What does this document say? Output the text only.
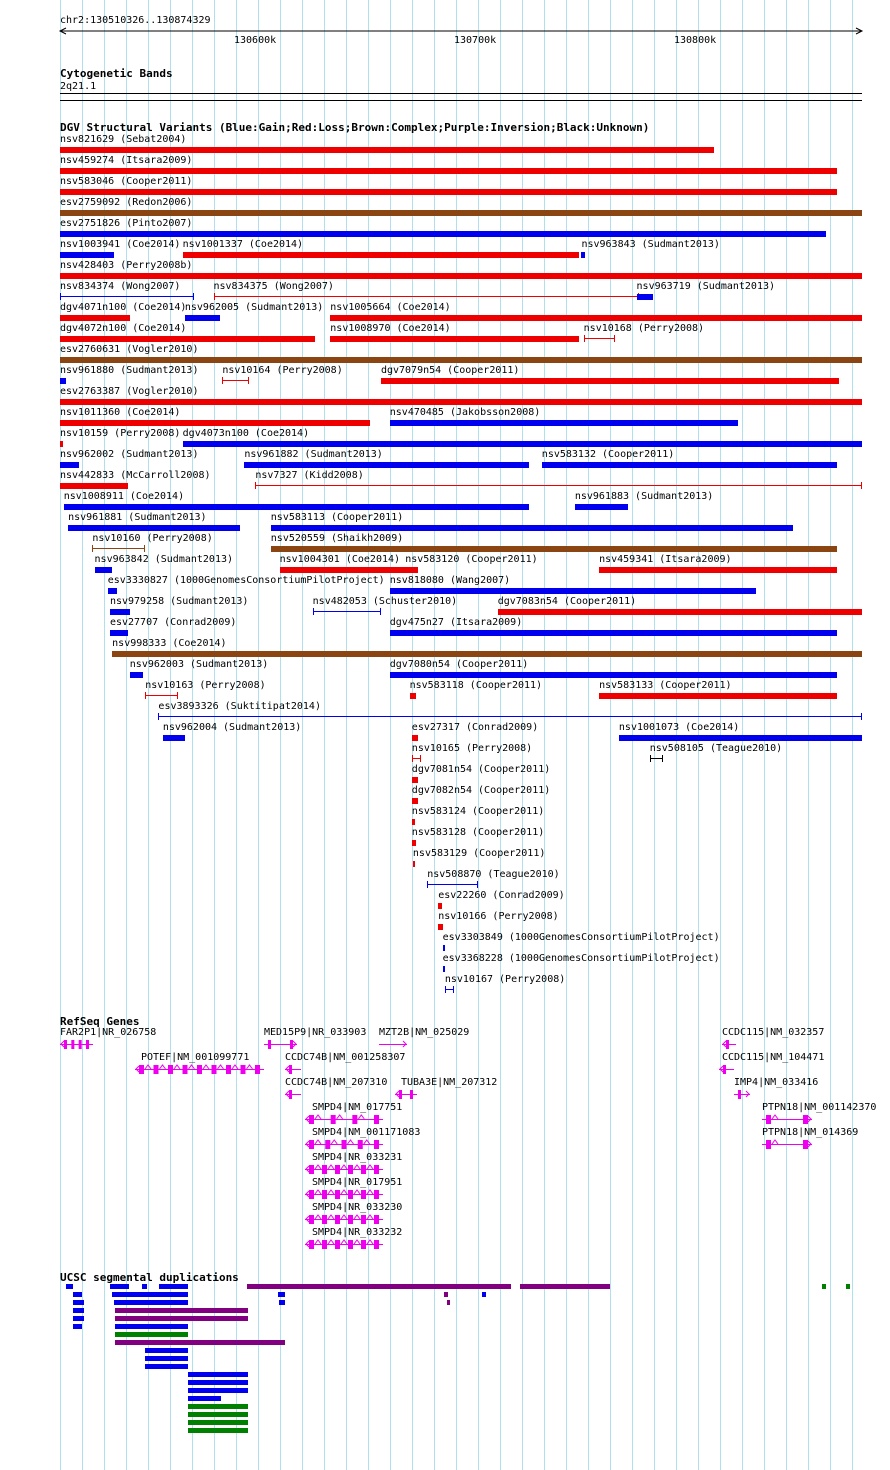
chr2:130510326..130874329
130600k	130700k	130800k
Cytogenetic Bands
2q21.1
DGV Structural Variants (Blue:Gain;Red:Loss;Brown:Complex;Purple:Inversion;Black:Unknown)
nsv821629 (Sebat2004)
nsv459274 (Itsara2009)
nsv583046 (Cooper2011)
esv2759092 (Redon2006)
esv2751826 (Pinto2007)
nsv1003941 (Coe2014) nsv1001337 (Coe2014)	nsv963843 (Sudmant2013)
nsv428403 (Perry2008b)
nsv834374 (Wong2007)	nsv834375 (Wong2007)	nsv963719 (Sudmant2013)
dgv4071n100 (Coe2014)
nsv962005 (Sudmant2013) nsv1005664 (Coe2014)
dgv4072n100 (Coe2014)	nsv1008970 (Coe2014)	nsv10168 (Perry2008)
esv2760631 (Vogler2010)
nsv961880 (Sudmant2013) nsv10164 (Perry2008)	dgv7079n54 (Cooper2011)
esv2763387 (Vogler2010)
nsv1011360 (Coe2014)	nsv470485 (Jakobsson2008)
nsv10159 (Perry2008) dgv4073n100 (Coe2014)
nsv962002 (Sudmant2013)	nsv961882 (Sudmant2013)	nsv583132 (Cooper2011)
nsv442833 (McCarroll2008)	nsv7327 (Kidd2008)
nsv1008911 (Coe2014)	nsv961883 (Sudmant2013)
nsv961881 (Sudmant2013)	nsv583113 (Cooper2011)
nsv10160 (Perry2008)	nsv520559 (Shaikh2009)
nsv963842 (Sudmant2013)	nsv1004301 (Coe2014) nsv583120 (Cooper2011)	nsv459341 (Itsara2009)
esv3330827 (1000GenomesConsortiumPilotProject) nsv818080 (Wang2007)
nsv979258 (Sudmant2013)	nsv482053 (Schuster2010)	dgv7083n54 (Cooper2011)
esv27707 (Conrad2009)	dgv475n27 (Itsara2009)
nsv998333 (Coe2014)
nsv962003 (Sudmant2013)	dgv7080n54 (Cooper2011)
nsv10163 (Perry2008)	nsv583118 (Cooper2011)	nsv583133 (Cooper2011)
esv3893326 (Suktitipat2014)
nsv962004 (Sudmant2013)	esv27317 (Conrad2009)	nsv1001073 (Coe2014)
nsv10165 (Perry2008)	nsv508105 (Teague2010)
dgv7081n54 (Cooper2011)
dgv7082n54 (Cooper2011)
nsv583124 (Cooper2011)
nsv583128 (Cooper2011)
nsv583129 (Cooper2011)
nsv508870 (Teague2010)
esv22260 (Conrad2009)
nsv10166 (Perry2008)
esv3303849 (1000GenomesConsortiumPilotProject)
esv3368228 (1000GenomesConsortiumPilotProject)
nsv10167 (Perry2008)
RefSeq Genes
FAR2P1|NR_026758	MED15P9|NR_033903 MZT2B|NM_025029	CCDC115|NM_032357
POTEF|NM_001099771	CCDC74B|NM_001258307	CCDC115|NM_104471
CCDC74B|NM_207310 TUBA3E|NM_207312	IMP4|NM_033416
SMPD4|NM_017751	PTPN18|NM_001142370
SMPD4|NM_001171083	PTPN18|NM_014369
SMPD4|NR_033231
SMPD4|NR_017951
SMPD4|NR_033230
SMPD4|NR_033232
UCSC segmental duplications
